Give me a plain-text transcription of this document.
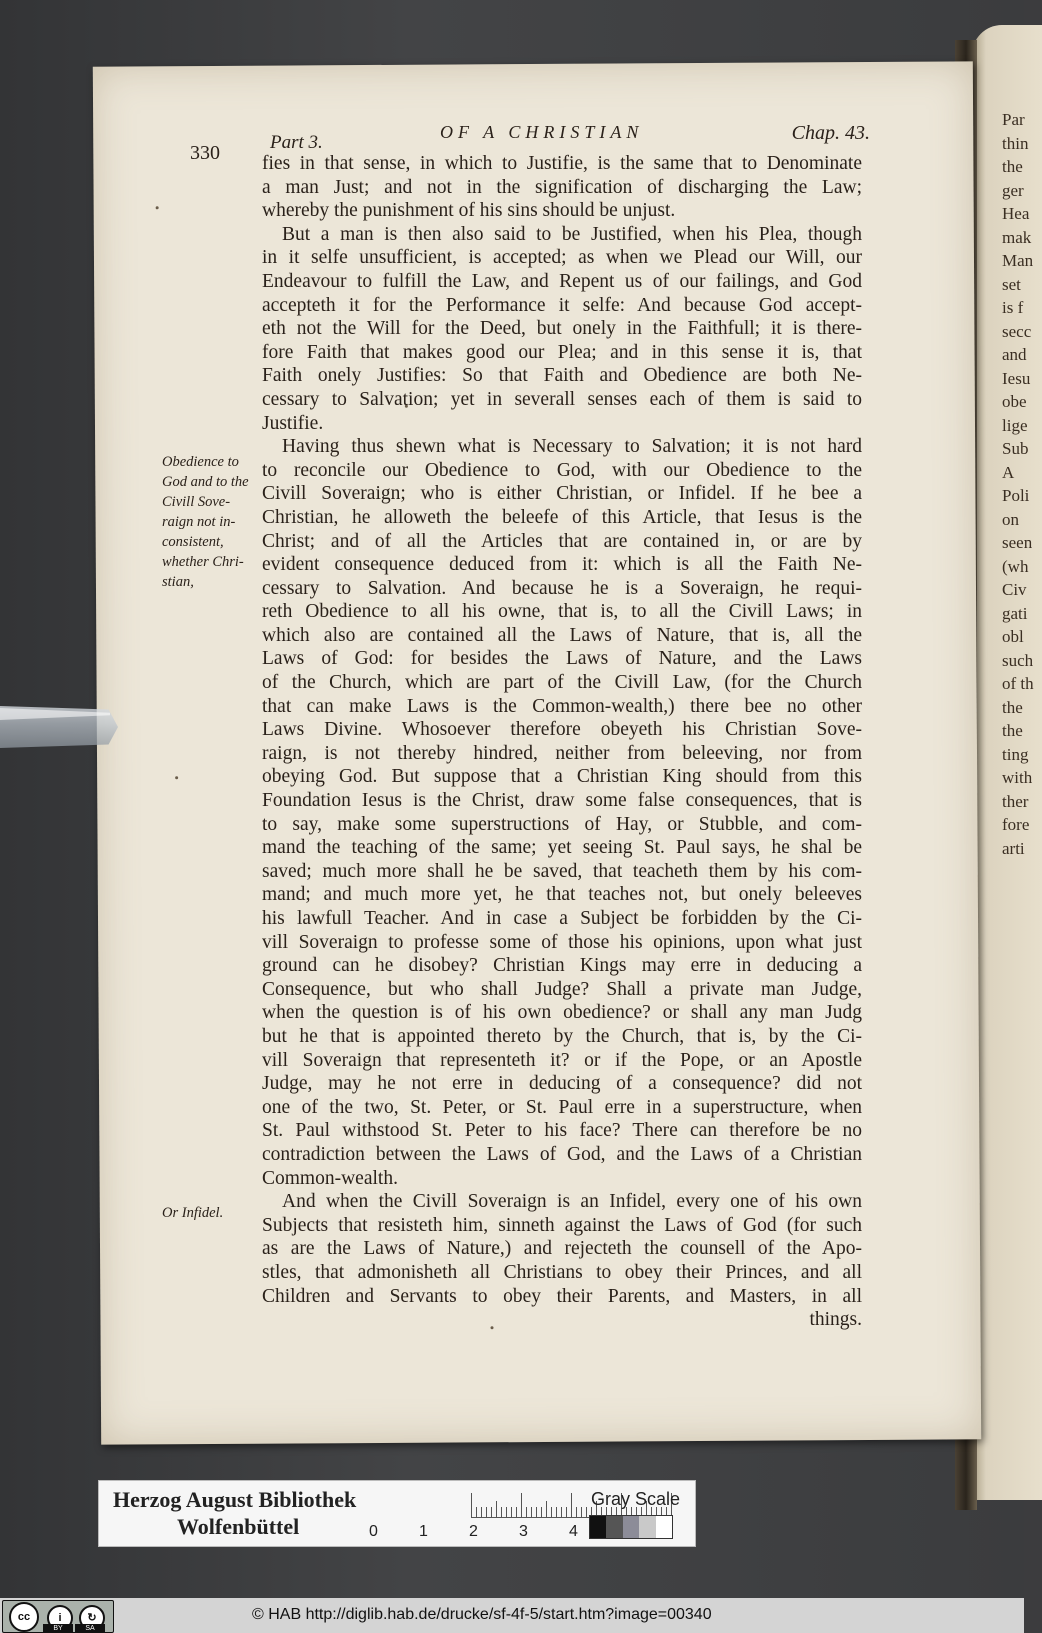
Par
thin
the
ger
Hea
mak
Man
set
is f
secc
and
Iesu
obe
lige
Sub
A
Poli
on
seen
(wh
Civ
gati
obl
such
of th
the
the
ting
with
ther
fore
arti
330	Part 3.	OF A CHRISTIAN	Chap. 43.
Obedience to
God and to the
Civill Sove-
raign not in-
consistent,
whether Chri-
stian,
Or Infidel.
fies in that sense, in which to Justifie, is the same that to Denominate
a man Just; and not in the signification of discharging the Law;
whereby the punishment of his sins should be unjust.
But a man is then also said to be Justified, when his Plea, though
in it selfe unsufficient, is accepted; as when we Plead our Will, our
Endeavour to fulfill the Law, and Repent us of our failings, and God
accepteth it for the Performance it selfe: And because God accept-
eth not the Will for the Deed, but onely in the Faithfull; it is there-
fore Faith that makes good our Plea; and in this sense it is, that
Faith onely Justifies: So that Faith and Obedience are both Ne-
cessary to Salvation; yet in severall senses each of them is said to
Justifie.
Having thus shewn what is Necessary to Salvation; it is not hard
to reconcile our Obedience to God, with our Obedience to the
Civill Soveraign; who is either Christian, or Infidel. If he bee a
Christian, he alloweth the beleefe of this Article, that Iesus is the
Christ; and of all the Articles that are contained in, or are by
evident consequence deduced from it: which is all the Faith Ne-
cessary to Salvation. And because he is a Soveraign, he requi-
reth Obedience to all his owne, that is, to all the Civill Laws; in
which also are contained all the Laws of Nature, that is, all the
Laws of God: for besides the Laws of Nature, and the Laws
of the Church, which are part of the Civill Law, (for the Church
that can make Laws is the Common-wealth,) there bee no other
Laws Divine. Whosoever therefore obeyeth his Christian Sove-
raign, is not thereby hindred, neither from beleeving, nor from
obeying God. But suppose that a Christian King should from this
Foundation Iesus is the Christ, draw some false consequences, that is
to say, make some superstructions of Hay, or Stubble, and com-
mand the teaching of the same; yet seeing St. Paul says, he shal be
saved; much more shall he be saved, that teacheth them by his com-
mand; and much more yet, he that teaches not, but onely beleeves
his lawfull Teacher. And in case a Subject be forbidden by the Ci-
vill Soveraign to professe some of those his opinions, upon what just
ground can he disobey? Christian Kings may erre in deducing a
Consequence, but who shall Judge? Shall a private man Judge,
when the question is of his own obedience? or shall any man Judg
but he that is appointed thereto by the Church, that is, by the Ci-
vill Soveraign that representeth it? or if the Pope, or an Apostle
Judge, may he not erre in deducing of a consequence? did not
one of the two, St. Peter, or St. Paul erre in a superstructure, when
St. Paul withstood St. Peter to his face? There can therefore be no
contradiction between the Laws of God, and the Laws of a Christian
Common-wealth.
And when the Civill Soveraign is an Infidel, every one of his own
Subjects that resisteth him, sinneth against the Laws of God (for such
as are the Laws of Nature,) and rejecteth the counsell of the Apo-
stles, that admonisheth all Christians to obey their Princes, and all
Children and Servants to obey their Parents, and Masters, in all
things.
Herzog August Bibliothek
Wolfenbüttel	0	1	2	3	4
Gray Scale
cc	i	↻
BY	SA
© HAB http://diglib.hab.de/drucke/sf-4f-5/start.htm?image=00340
